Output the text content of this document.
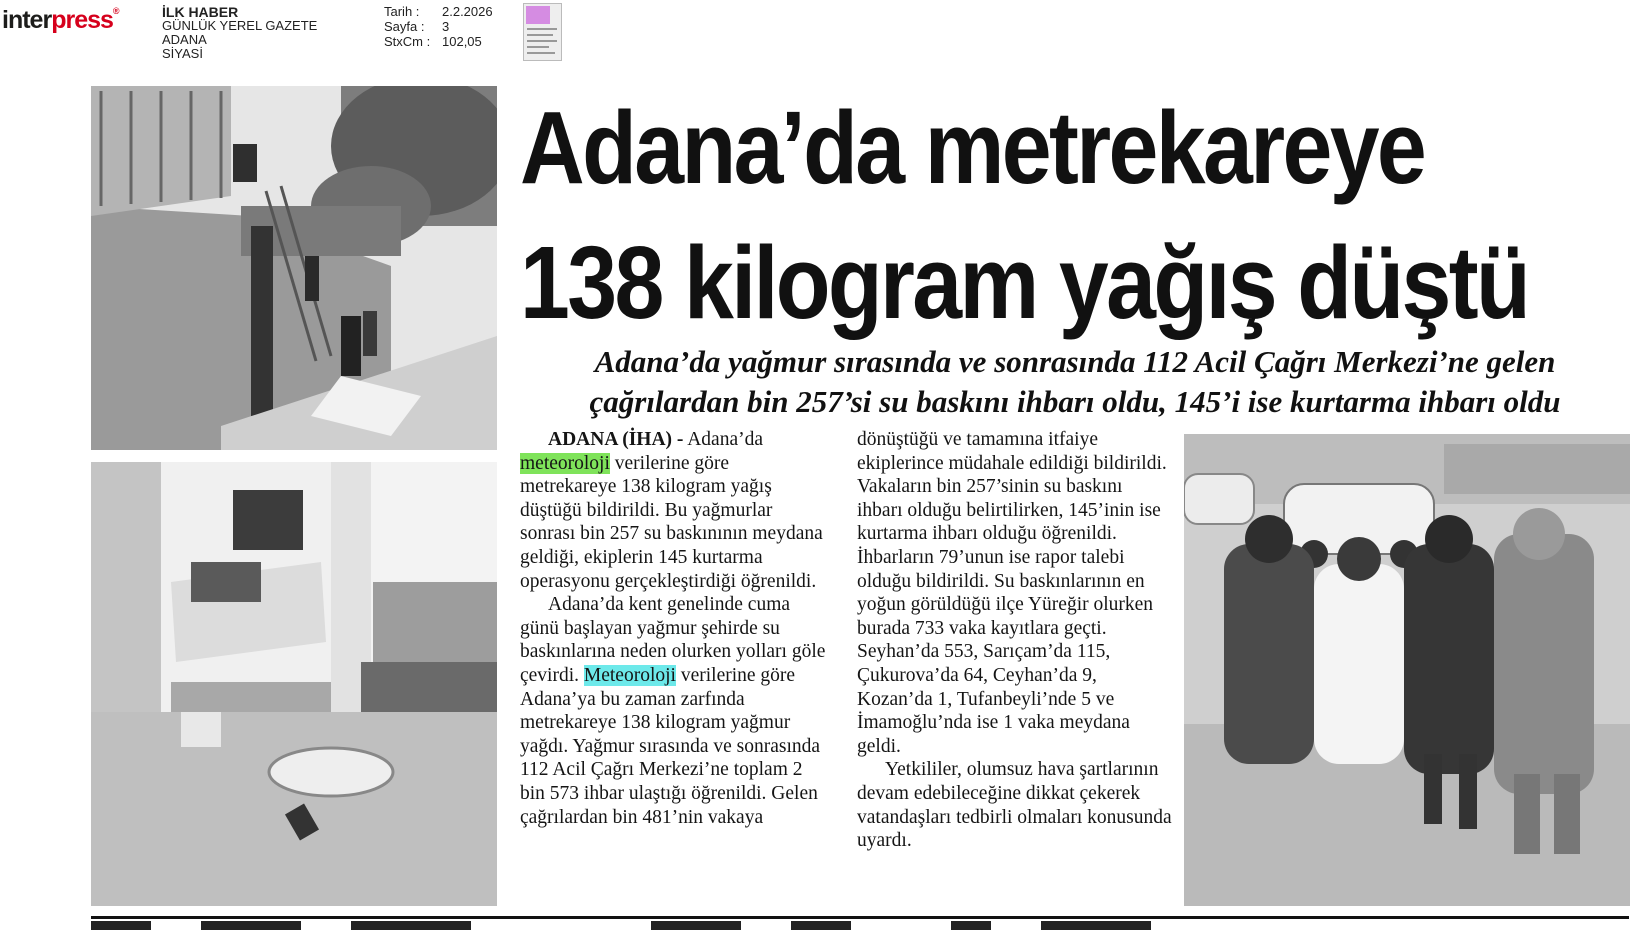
interpress®	İLK HABER
GÜNLÜK YEREL GAZETE
ADANA
SİYASİ
Tarih :	2.2.2026
Sayfa :	3
StxCm : 102,05
Adana’da metrekareye
138 kilogram yağış düştü
Adana’da yağmur sırasında ve sonrasında 112 Acil Çağrı Merkezi’ne gelen çağrılardan bin 257’si su baskını ihbarı oldu, 145’i ise kurtarma ihbarı oldu

ADANA (İHA) - Adana’da meteoroloji verilerine göre metrekareye 138 kilogram yağış düştüğü bildirildi. Bu yağmurlar sonrası bin 257 su baskınının meydana geldiği, ekiplerin 145 kurtarma operasyonu gerçekleştirdiği öğrenildi.

Adana’da kent genelinde cuma günü başlayan yağmur şehirde su baskınlarına neden olurken yolları göle çevirdi. Meteoroloji verilerine göre Adana’ya bu zaman zarfında metrekareye 138 kilogram yağmur yağdı. Yağmur sırasında ve sonrasında 112 Acil Çağrı Merkezi’ne toplam 2 bin 573 ihbar ulaştığı öğrenildi. Gelen çağrılardan bin 481’nin vakaya

dönüştüğü ve tamamına itfaiye ekiplerince müdahale edildiği bildirildi. Vakaların bin 257’sinin su baskını ihbarı olduğu belirtilirken, 145’inin ise kurtarma ihbarı olduğu öğrenildi. İhbarların 79’unun ise rapor talebi olduğu bildirildi. Su baskınlarının en yoğun görüldüğü ilçe Yüreğir olurken burada 733 vaka kayıtlara geçti. Seyhan’da 553, Sarıçam’da 115, Çukurova’da 64, Ceyhan’da 9, Kozan’da 1, Tufanbeyli’nde 5 ve İmamoğlu’nda ise 1 vaka meydana geldi.

Yetkililer, olumsuz hava şartlarının devam edebileceğine dikkat çekerek vatandaşları tedbirli olmaları konusunda uyardı.
